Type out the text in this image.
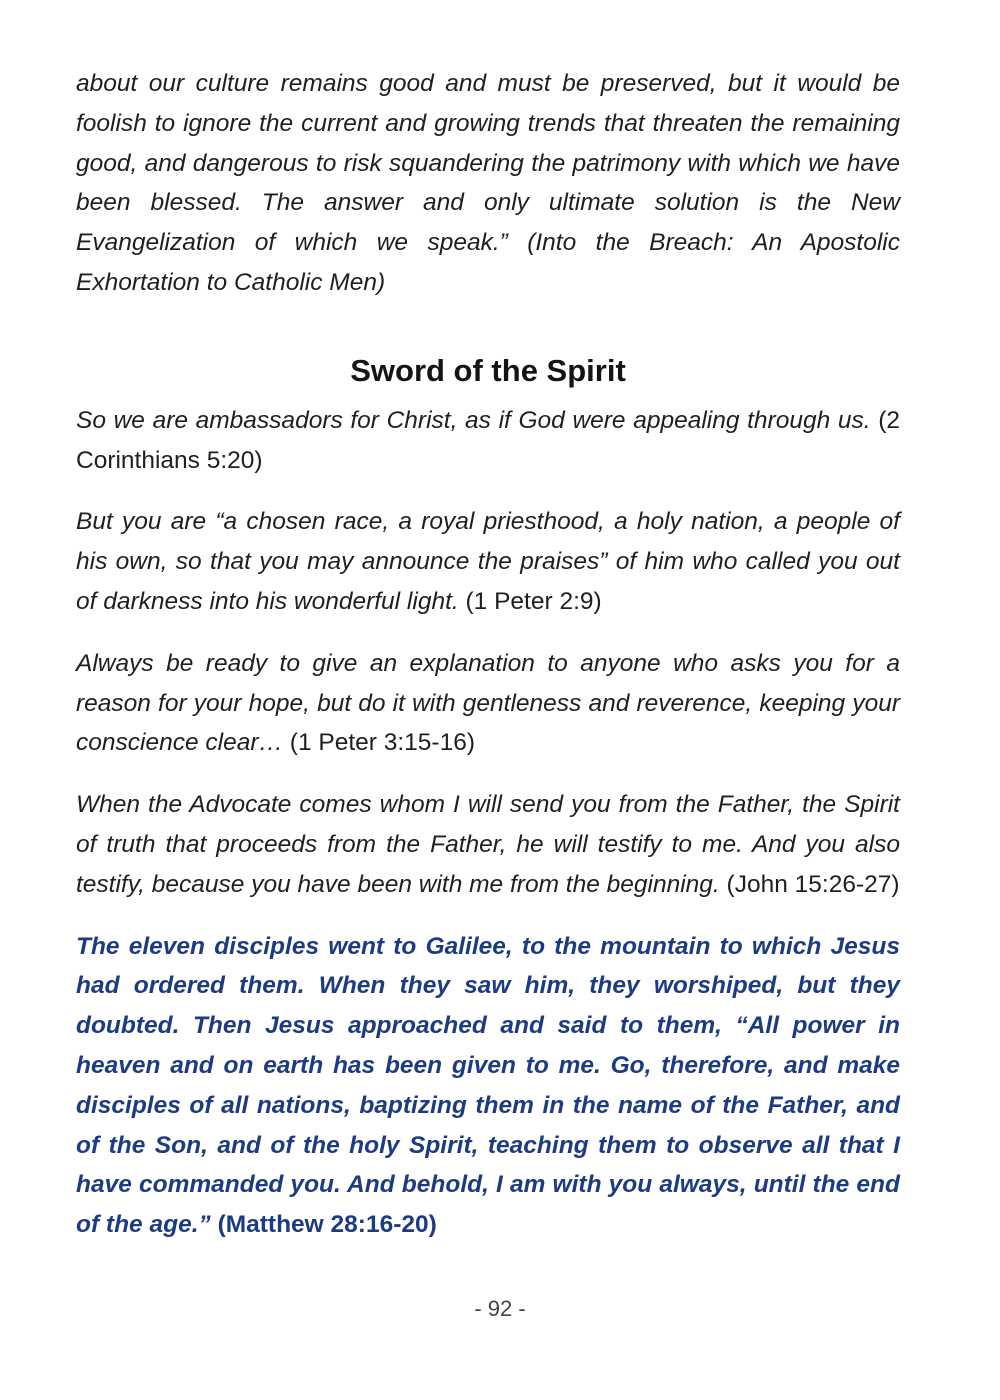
about our culture remains good and must be preserved, but it would be foolish to ignore the current and growing trends that threaten the remaining good, and dangerous to risk squandering the patrimony with which we have been blessed. The answer and only ultimate solution is the New Evangelization of which we speak.” (Into the Breach: An Apostolic Exhortation to Catholic Men)

Sword of the Spirit

So we are ambassadors for Christ, as if God were appealing through us. (2 Corinthians 5:20)

But you are “a chosen race, a royal priesthood, a holy nation, a people of his own, so that you may announce the praises” of him who called you out of darkness into his wonderful light. (1 Peter 2:9)

Always be ready to give an explanation to anyone who asks you for a reason for your hope, but do it with gentleness and reverence, keeping your conscience clear… (1 Peter 3:15-16)

When the Advocate comes whom I will send you from the Father, the Spirit of truth that proceeds from the Father, he will testify to me. And you also testify, because you have been with me from the beginning. (John 15:26-27)

The eleven disciples went to Galilee, to the mountain to which Jesus had ordered them. When they saw him, they worshiped, but they doubted. Then Jesus approached and said to them, “All power in heaven and on earth has been given to me. Go, therefore, and make disciples of all nations, baptizing them in the name of the Father, and of the Son, and of the holy Spirit, teaching them to observe all that I have commanded you. And behold, I am with you always, until the end of the age.” (Matthew 28:16-20)

- 92 -
